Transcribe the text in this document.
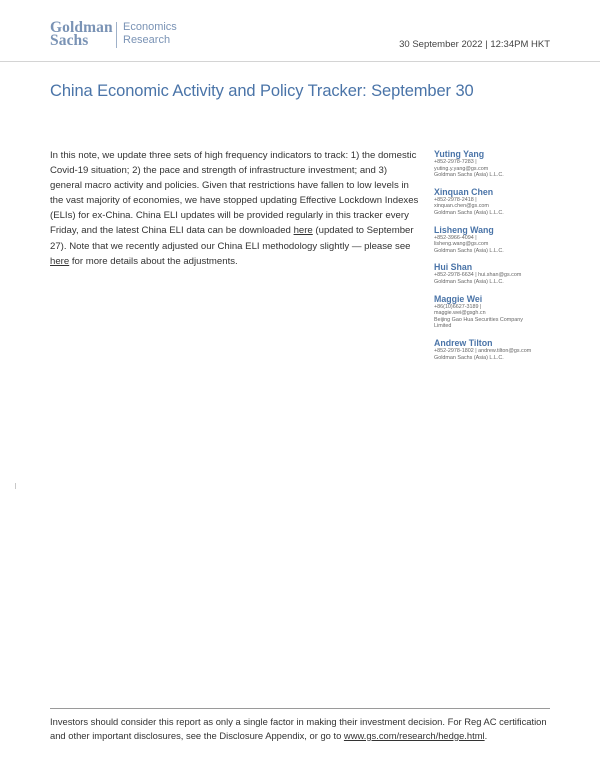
Goldman
Sachs
Economics
Research	30 September 2022 | 12:34PM HKT
China Economic Activity and Policy Tracker: September 30

In this note, we update three sets of high frequency indicators to track: 1) the domestic Covid-19 situation; 2) the pace and strength of infrastructure investment; and 3) general macro activity and policies. Given that restrictions have fallen to low levels in the vast majority of economies, we have stopped updating Effective Lockdown Indexes (ELIs) for ex-China. China ELI updates will be provided regularly in this tracker every Friday, and the latest China ELI data can be downloaded here (updated to September 27). Note that we recently adjusted our China ELI methodology slightly — please see here for more details about the adjustments.

Yuting Yang
+852-2978-7283 |
yuting.y.yang@gs.com
Goldman Sachs (Asia) L.L.C.
Xinquan Chen
+852-2978-2418 |
xinquan.chen@gs.com
Goldman Sachs (Asia) L.L.C.
Lisheng Wang
+852-3966-4094 |
lisheng.wang@gs.com
Goldman Sachs (Asia) L.L.C.
Hui Shan
+852-2978-6634 | hui.shan@gs.com
Goldman Sachs (Asia) L.L.C.
Maggie Wei
+86(10)6627-3189 |
maggie.wei@gsgh.cn
Beijing Gao Hua Securities Company Limited
Andrew Tilton
+852-2978-1802 | andrew.tilton@gs.com
Goldman Sachs (Asia) L.L.C.

Investors should consider this report as only a single factor in making their investment decision. For Reg AC certification and other important disclosures, see the Disclosure Appendix, or go to www.gs.com/research/hedge.html.
